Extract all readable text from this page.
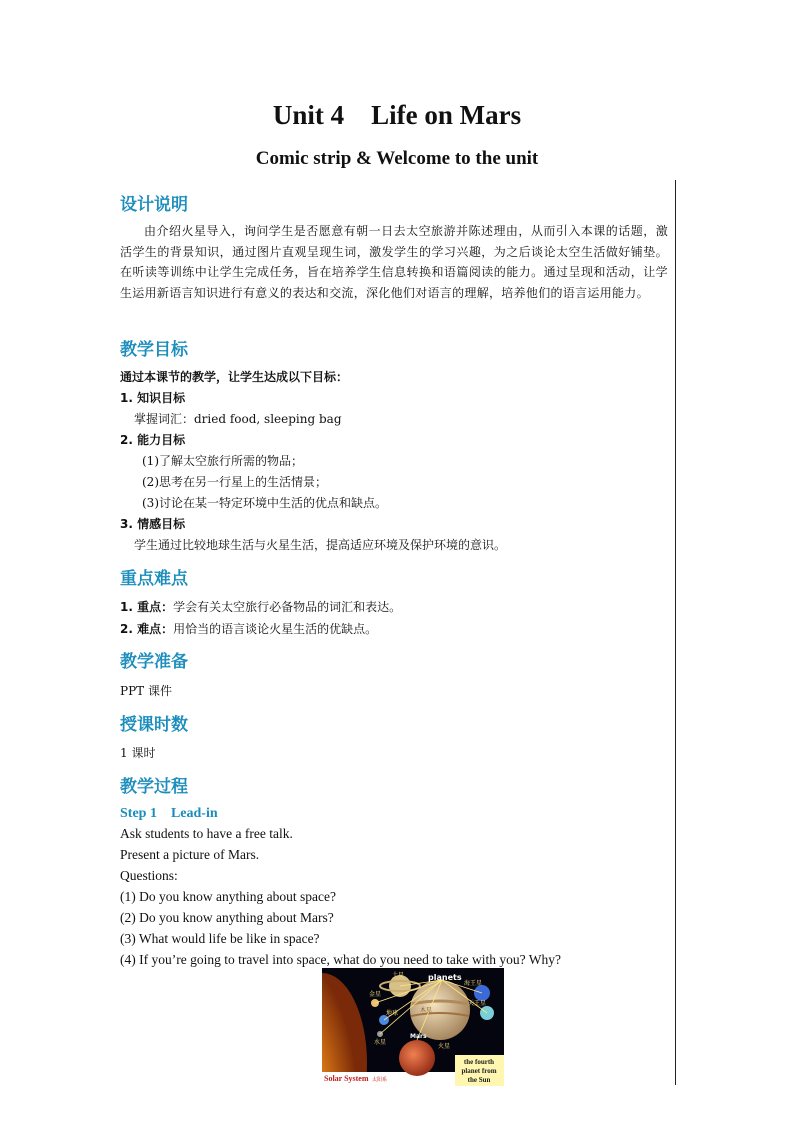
Unit 4    Life on Mars
Comic strip & Welcome to the unit
设计说明
由介绍火星导入，询问学生是否愿意有朝一日去太空旅游并陈述理由，从而引入本课的话题，激活学生的背景知识，通过图片直观呈现生词，激发学生的学习兴趣，为之后谈论太空生活做好铺垫。在听读等训练中让学生完成任务，旨在培养学生信息转换和语篇阅读的能力。通过呈现和活动，让学生运用新语言知识进行有意义的表达和交流，深化他们对语言的理解，培养他们的语言运用能力。
教学目标
通过本课节的教学，让学生达成以下目标：
1. 知识目标
掌握词汇：dried food, sleeping bag
2. 能力目标
(1)了解太空旅行所需的物品；
(2)思考在另一行星上的生活情景；
(3)讨论在某一特定环境中生活的优点和缺点。
3. 情感目标
学生通过比较地球生活与火星生活，提高适应环境及保护环境的意识。
重点难点
1. 重点：学会有关太空旅行必备物品的词汇和表达。
2. 难点：用恰当的语言谈论火星生活的优缺点。
教学准备
PPT 课件
授课时数
1 课时
教学过程
Step 1    Lead-in
Ask students to have a free talk.
Present a picture of Mars.
Questions:
(1) Do you know anything about space?
(2) Do you know anything about Mars?
(3) What would life be like in space?
(4) If you’re going to travel into space, what do you need to take with you? Why?
planets
土星
海王星
天王星
金星
地球
水星
木星
Mars
火星
the fourth
planet from
the Sun
Solar System 太阳系
